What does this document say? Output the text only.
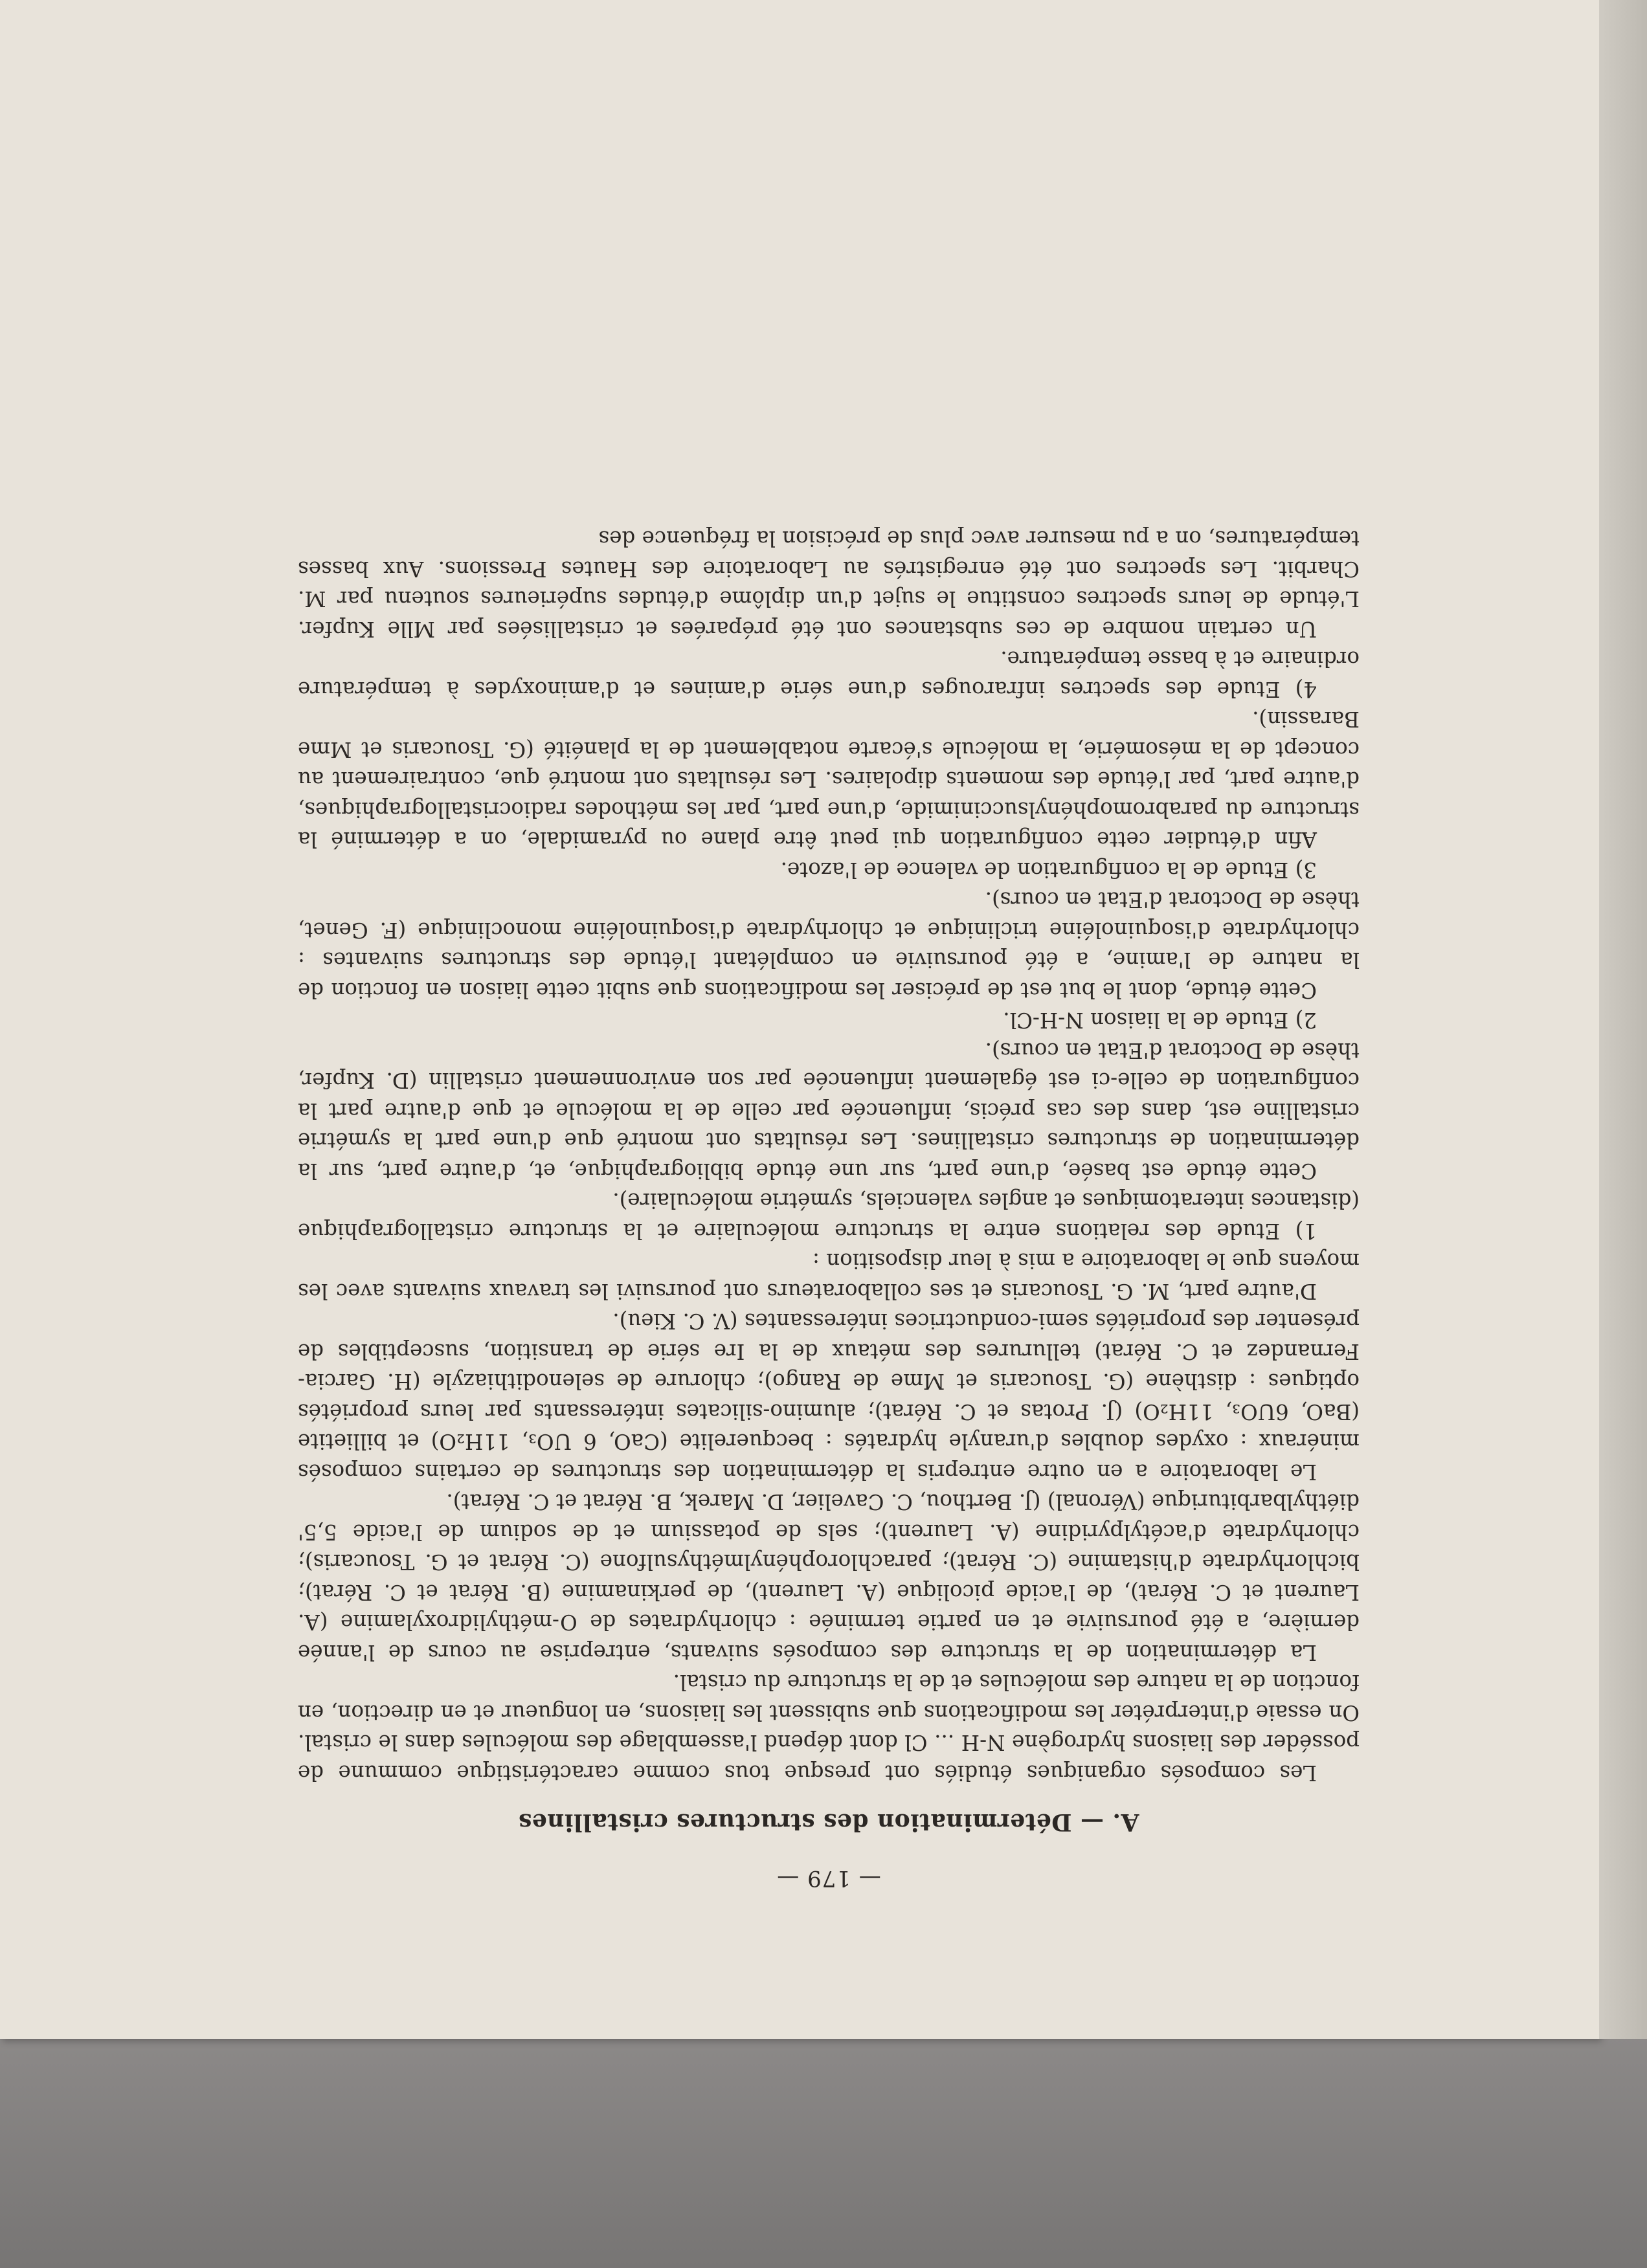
— 179 —
A. — Détermination des structures cristallines

Les composés organiques étudiés ont presque tous comme caractéristique commune de posséder des liaisons hydrogène N-H ... Cl dont dépend l'assemblage des molécules dans le cristal. On essaie d'interpréter les modifications que subissent les liaisons, en longueur et en direction, en fonction de la nature des molécules et de la structure du cristal.

La détermination de la structure des composés suivants, entreprise au cours de l'année dernière, a été poursuivie et en partie terminée : chlorhydrates de O-méthylidroxylamine (A. Laurent et C. Rérat), de l'acide picolique (A. Laurent), de perkinamine (B. Rérat et C. Rérat); bichlorhydrate d'histamine (C. Rérat); parachlorophénylméthysulfone (C. Rérat et G. Tsoucaris); chlorhydrate d'acétylpyridine (A. Laurent); sels de potassium et de sodium de l'acide 5,5' diéthylbarbiturique (Véronal) (J. Berthou, C. Cavelier, D. Marek, B. Rérat et C. Rérat).

Le laboratoire a en outre entrepris la détermination des structures de certains composés minéraux : oxydes doubles d'uranyle hydratés : becquerelite (CaO, 6 UO₃, 11H₂O) et billietite (BaO, 6UO₃, 11H₂O) (J. Protas et C. Rérat); alumino-silicates intéressants par leurs propriétés optiques : disthène (G. Tsoucaris et Mme de Rango); chlorure de selenodithiazyle (H. Garcia-Fernandez et C. Rérat) tellurures des métaux de la Ire série de transition, susceptibles de présenter des propriétés semi-conductrices intéressantes (V. C. Kieu).

D'autre part, M. G. Tsoucaris et ses collaborateurs ont poursuivi les travaux suivants avec les moyens que le laboratoire a mis à leur disposition :

1) Etude des relations entre la structure moléculaire et la structure cristallographique (distances interatomiques et angles valenciels, symétrie moléculaire).

Cette étude est basée, d'une part, sur une étude bibliographique, et, d'autre part, sur la détermination de structures cristallines. Les résultats ont montré que d'une part la symétrie cristalline est, dans des cas précis, influencée par celle de la molécule et que d'autre part la configuration de celle-ci est également influencée par son environnement cristallin (D. Kupfer, thèse de Doctorat d'Etat en cours).

2) Etude de la liaison N-H-Cl.

Cette étude, dont le but est de préciser les modifications que subit cette liaison en fonction de la nature de l'amine, a été poursuivie en complétant l'étude des structures suivantes : chlorhydrate d'isoquinoléine triclinique et chlorhydrate d'isoquinoléine monoclinique (F. Genet, thèse de Doctorat d'Etat en cours).

3) Etude de la configuration de valence de l'azote.

Afin d'étudier cette configuration qui peut être plane ou pyramidale, on a déterminé la structure du parabromophénylsuccinimide, d'une part, par les méthodes radiocristallographiques, d'autre part, par l'étude des moments dipolaires. Les résultats ont montré que, contrairement au concept de la mésomérie, la molécule s'écarte notablement de la planéité (G. Tsoucaris et Mme Barassin).

4) Etude des spectres infrarouges d'une série d'amines et d'aminoxydes à température ordinaire et à basse température.

Un certain nombre de ces substances ont été préparées et cristallisées par Mlle Kupfer. L'étude de leurs spectres constitue le sujet d'un diplôme d'études supérieures soutenu par M. Charbit. Les spectres ont été enregistrés au Laboratoire des Hautes Pressions. Aux basses températures, on a pu mesurer avec plus de précision la fréquence des
